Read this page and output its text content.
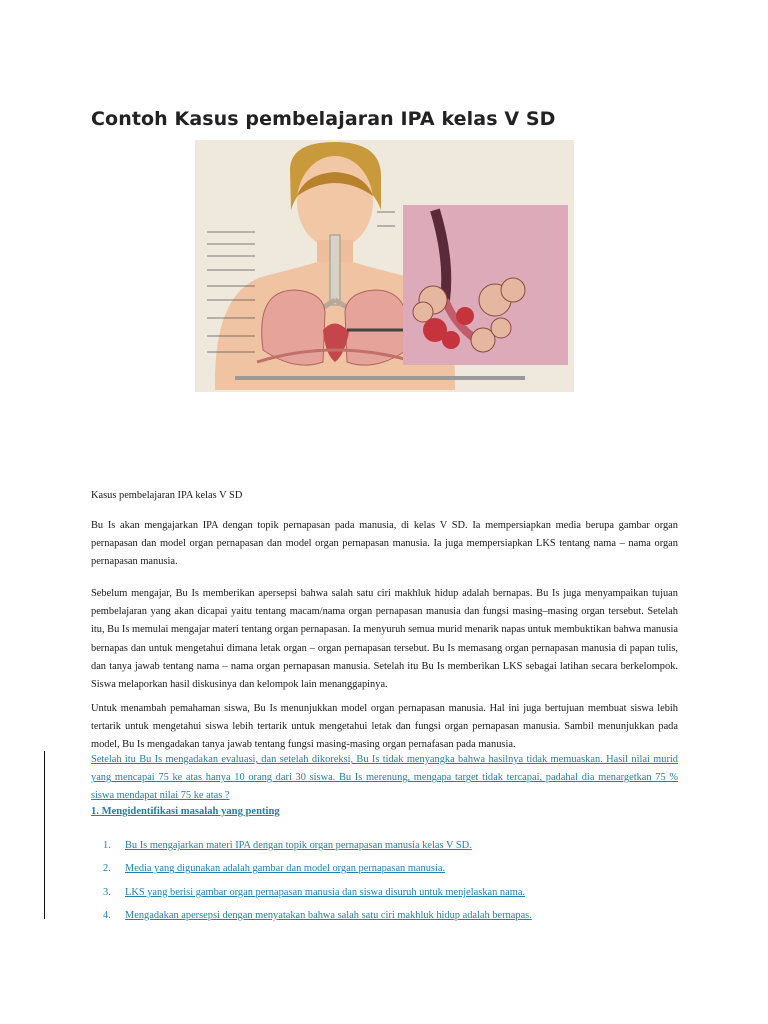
Contoh Kasus pembelajaran IPA kelas V SD

Kasus pembelajaran IPA kelas V SD

Bu Is akan mengajarkan IPA dengan topik pernapasan pada manusia, di kelas V SD. Ia mempersiapkan media berupa gambar organ pernapasan dan model organ pernapasan dan model organ pernapasan manusia. Ia juga mempersiapkan LKS tentang nama – nama organ pernapasan manusia.

Sebelum mengajar, Bu Is memberikan apersepsi bahwa salah satu ciri makhluk hidup adalah bernapas. Bu Is juga menyampaikan tujuan pembelajaran yang akan dicapai yaitu tentang macam/nama organ pernapasan manusia dan fungsi masing–masing organ tersebut. Setelah itu, Bu Is memulai mengajar materi tentang organ pernapasan. Ia menyuruh semua murid menarik napas untuk membuktikan bahwa manusia bernapas dan untuk mengetahui dimana letak organ – organ pernapasan tersebut. Bu Is memasang organ pernapasan manusia di papan tulis, dan tanya jawab tentang nama – nama organ pernapasan manusia. Setelah itu Bu Is memberikan LKS sebagai latihan secara berkelompok. Siswa melaporkan hasil diskusinya dan kelompok lain menanggapinya.

Untuk menambah pemahaman siswa, Bu Is menunjukkan model organ pernapasan manusia. Hal ini juga bertujuan membuat siswa lebih tertarik untuk mengetahui siswa lebih tertarik untuk mengetahui letak dan fungsi organ pernapasan manusia. Sambil menunjukkan pada model, Bu Is mengadakan tanya jawab tentang fungsi masing-masing organ pernafasan pada manusia.

Setelah itu Bu Is mengadakan evaluasi, dan setelah dikoreksi, Bu Is tidak menyangka bahwa hasilnya tidak memuaskan. Hasil nilai murid yang mencapai 75 ke atas hanya 10 orang dari 30 siswa. Bu Is merenung, mengapa target tidak tercapai, padahal dia menargetkan 75 % siswa mendapat nilai 75 ke atas ?

1. Mengidentifikasi masalah yang penting

1. Bu Is mengajarkan materi IPA dengan topik organ pernapasan manusia kelas V SD.
2. Media yang digunakan adalah gambar dan model organ pernapasan manusia.
3. LKS yang berisi gambar organ pernapasan manusia dan siswa disuruh untuk menjelaskan nama.
4. Mengadakan apersepsi dengan menyatakan bahwa salah satu ciri makhluk hidup adalah bernapas.
